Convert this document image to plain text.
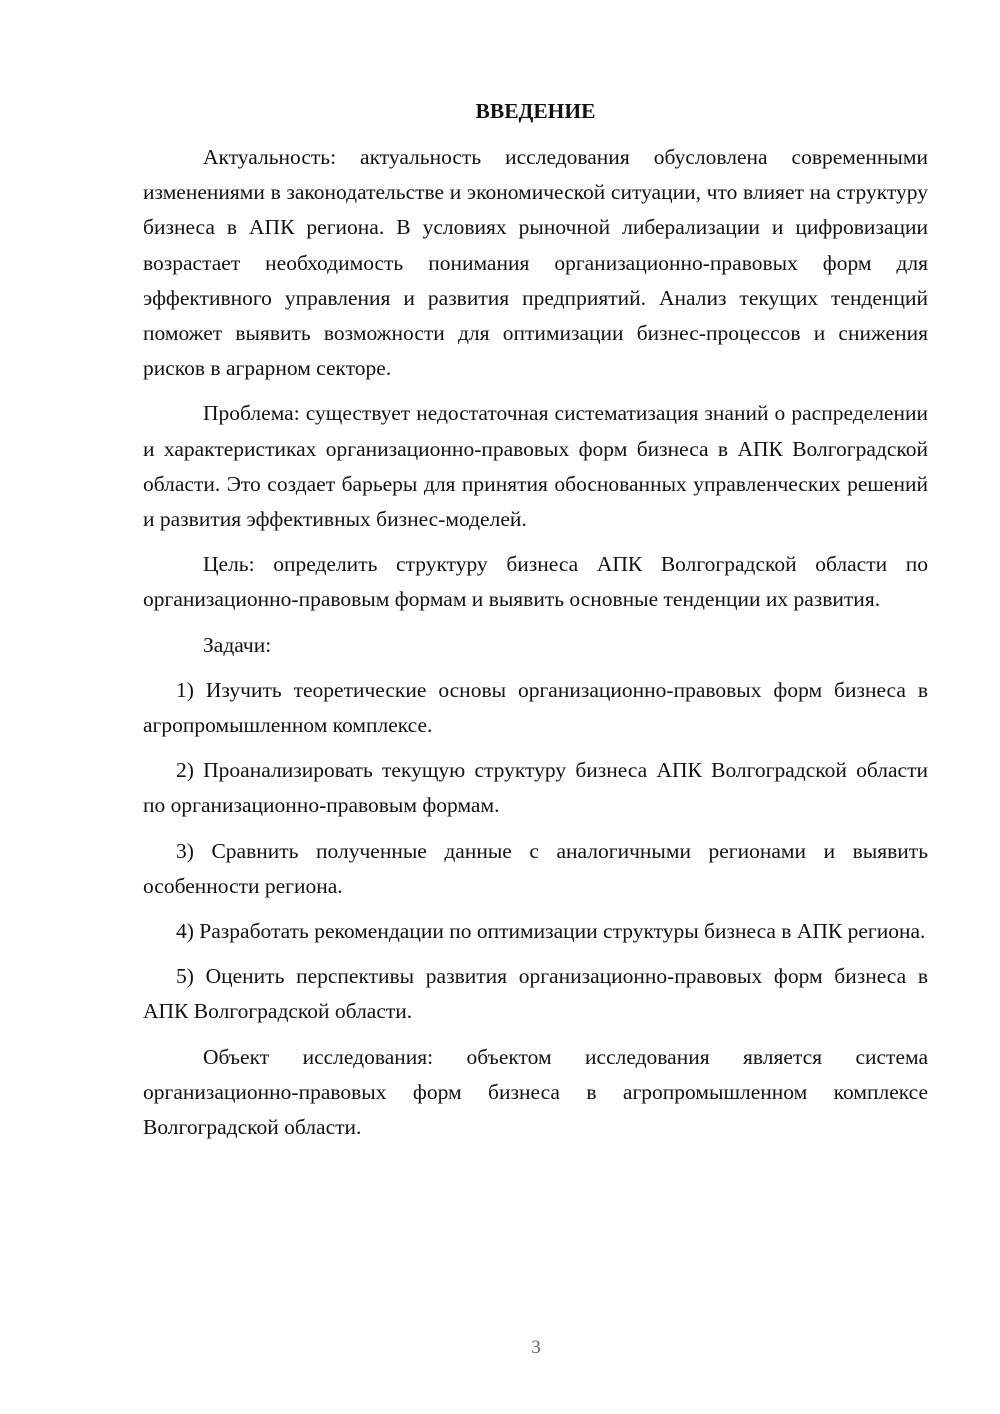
ВВЕДЕНИЕ

Актуальность: актуальность исследования обусловлена современными изменениями в законодательстве и экономической ситуации, что влияет на структуру бизнеса в АПК региона. В условиях рыночной либерализации и цифровизации возрастает необходимость понимания организационно-правовых форм для эффективного управления и развития предприятий. Анализ текущих тенденций поможет выявить возможности для оптимизации бизнес-процессов и снижения рисков в аграрном секторе.

Проблема: существует недостаточная систематизация знаний о распределении и характеристиках организационно-правовых форм бизнеса в АПК Волгоградской области. Это создает барьеры для принятия обоснованных управленческих решений и развития эффективных бизнес-моделей.

Цель: определить структуру бизнеса АПК Волгоградской области по организационно-правовым формам и выявить основные тенденции их развития.

Задачи:

1) Изучить теоретические основы организационно-правовых форм бизнеса в агропромышленном комплексе.

2) Проанализировать текущую структуру бизнеса АПК Волгоградской области по организационно-правовым формам.

3) Сравнить полученные данные с аналогичными регионами и выявить особенности региона.

4) Разработать рекомендации по оптимизации структуры бизнеса в АПК региона.

5) Оценить перспективы развития организационно-правовых форм бизнеса в АПК Волгоградской области.

Объект исследования: объектом исследования является система организационно-правовых форм бизнеса в агропромышленном комплексе Волгоградской области.

3
